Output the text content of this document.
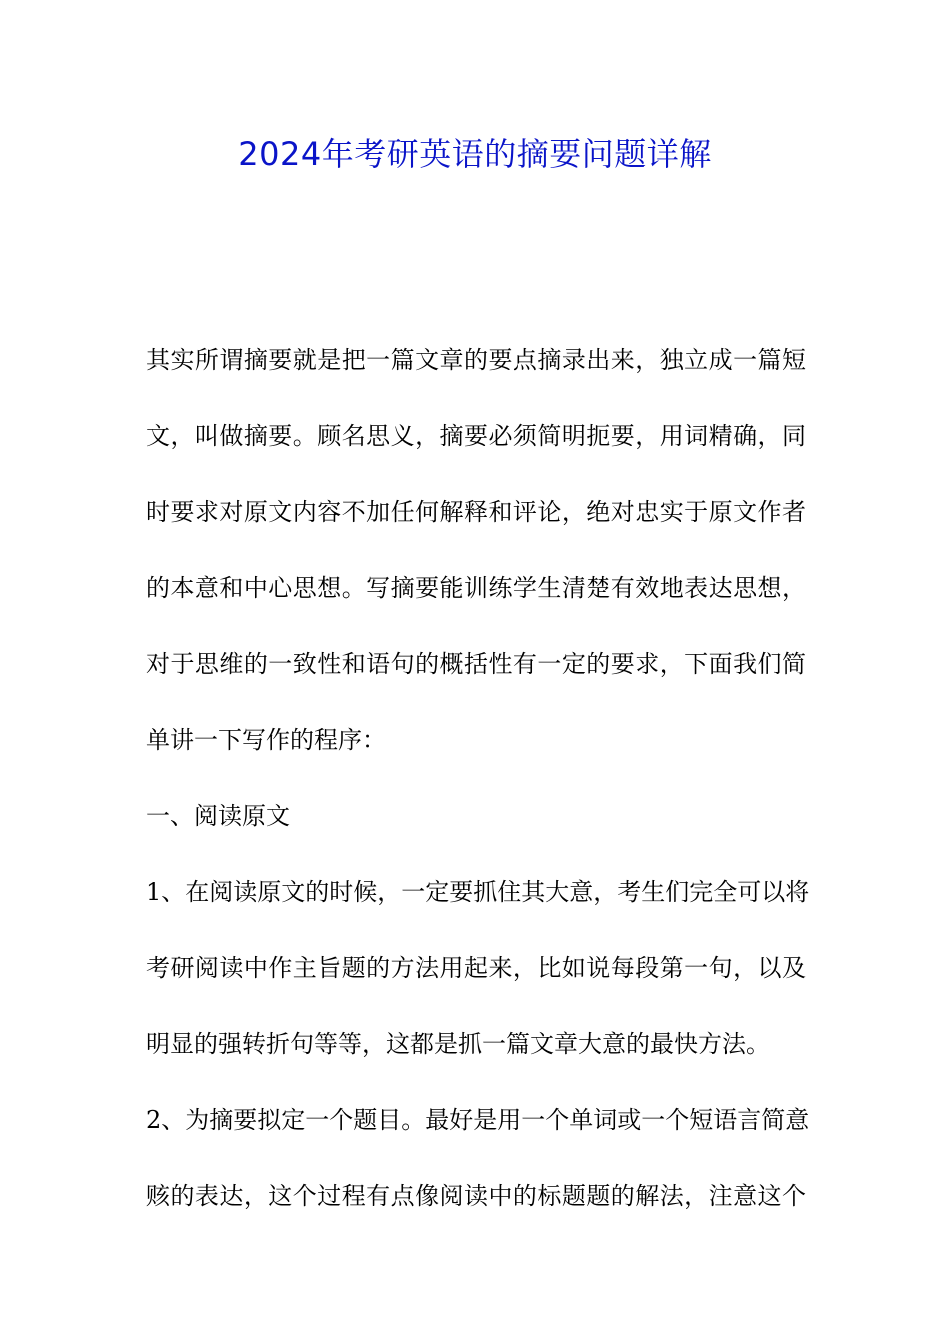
2024年考研英语的摘要问题详解

其实所谓摘要就是把一篇文章的要点摘录出来，独立成一篇短
文，叫做摘要。顾名思义，摘要必须简明扼要，用词精确，同
时要求对原文内容不加任何解释和评论，绝对忠实于原文作者
的本意和中心思想。写摘要能训练学生清楚有效地表达思想，
对于思维的一致性和语句的概括性有一定的要求，下面我们简
单讲一下写作的程序：

一、阅读原文

1、在阅读原文的时候，一定要抓住其大意，考生们完全可以将
考研阅读中作主旨题的方法用起来，比如说每段第一句，以及
明显的强转折句等等，这都是抓一篇文章大意的最快方法。

2、为摘要拟定一个题目。最好是用一个单词或一个短语言简意
赅的表达，这个过程有点像阅读中的标题题的解法，注意这个
